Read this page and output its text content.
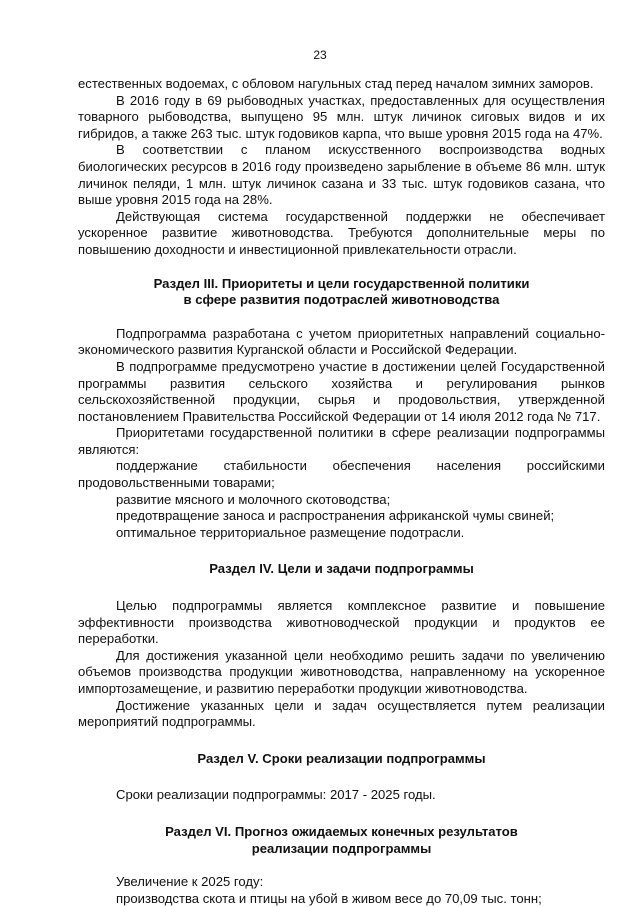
23

естественных водоемах, с обловом нагульных стад перед началом зимних заморов.

В 2016 году в 69 рыбоводных участках, предоставленных для осуществления товарного рыбоводства, выпущено 95 млн. штук личинок сиговых видов и их гибридов, а также 263 тыс. штук годовиков карпа, что выше уровня 2015 года на 47%.

В соответствии с планом искусственного воспроизводства водных биологических ресурсов в 2016 году произведено зарыбление в объеме 86 млн. штук личинок пеляди, 1 млн. штук личинок сазана и 33 тыс. штук годовиков сазана, что выше уровня 2015 года на 28%.

Действующая система государственной поддержки не обеспечивает ускоренное развитие животноводства. Требуются дополнительные меры по повышению доходности и инвестиционной привлекательности отрасли.

Раздел III. Приоритеты и цели государственной политики
в сфере развития подотраслей животноводства

Подпрограмма разработана с учетом приоритетных направлений социально-экономического развития Курганской области и Российской Федерации.

В подпрограмме предусмотрено участие в достижении целей Государственной программы развития сельского хозяйства и регулирования рынков сельскохозяйственной продукции, сырья и продовольствия, утвержденной постановлением Правительства Российской Федерации от 14 июля 2012 года № 717.

Приоритетами государственной политики в сфере реализации подпрограммы являются:

поддержание стабильности обеспечения населения российскими продовольственными товарами;

развитие мясного и молочного скотоводства;

предотвращение заноса и распространения африканской чумы свиней;

оптимальное территориальное размещение подотрасли.

Раздел IV. Цели и задачи подпрограммы

Целью подпрограммы является комплексное развитие и повышение эффективности производства животноводческой продукции и продуктов ее переработки.

Для достижения указанной цели необходимо решить задачи по увеличению объемов производства продукции животноводства, направленному на ускоренное импортозамещение, и развитию переработки продукции животноводства.

Достижение указанных цели и задач осуществляется путем реализации мероприятий подпрограммы.

Раздел V. Сроки реализации подпрограммы

Сроки реализации подпрограммы: 2017 - 2025 годы.

Раздел VI. Прогноз ожидаемых конечных результатов
реализации подпрограммы

Увеличение к 2025 году:

производства скота и птицы на убой в живом весе до 70,09 тыс. тонн;
